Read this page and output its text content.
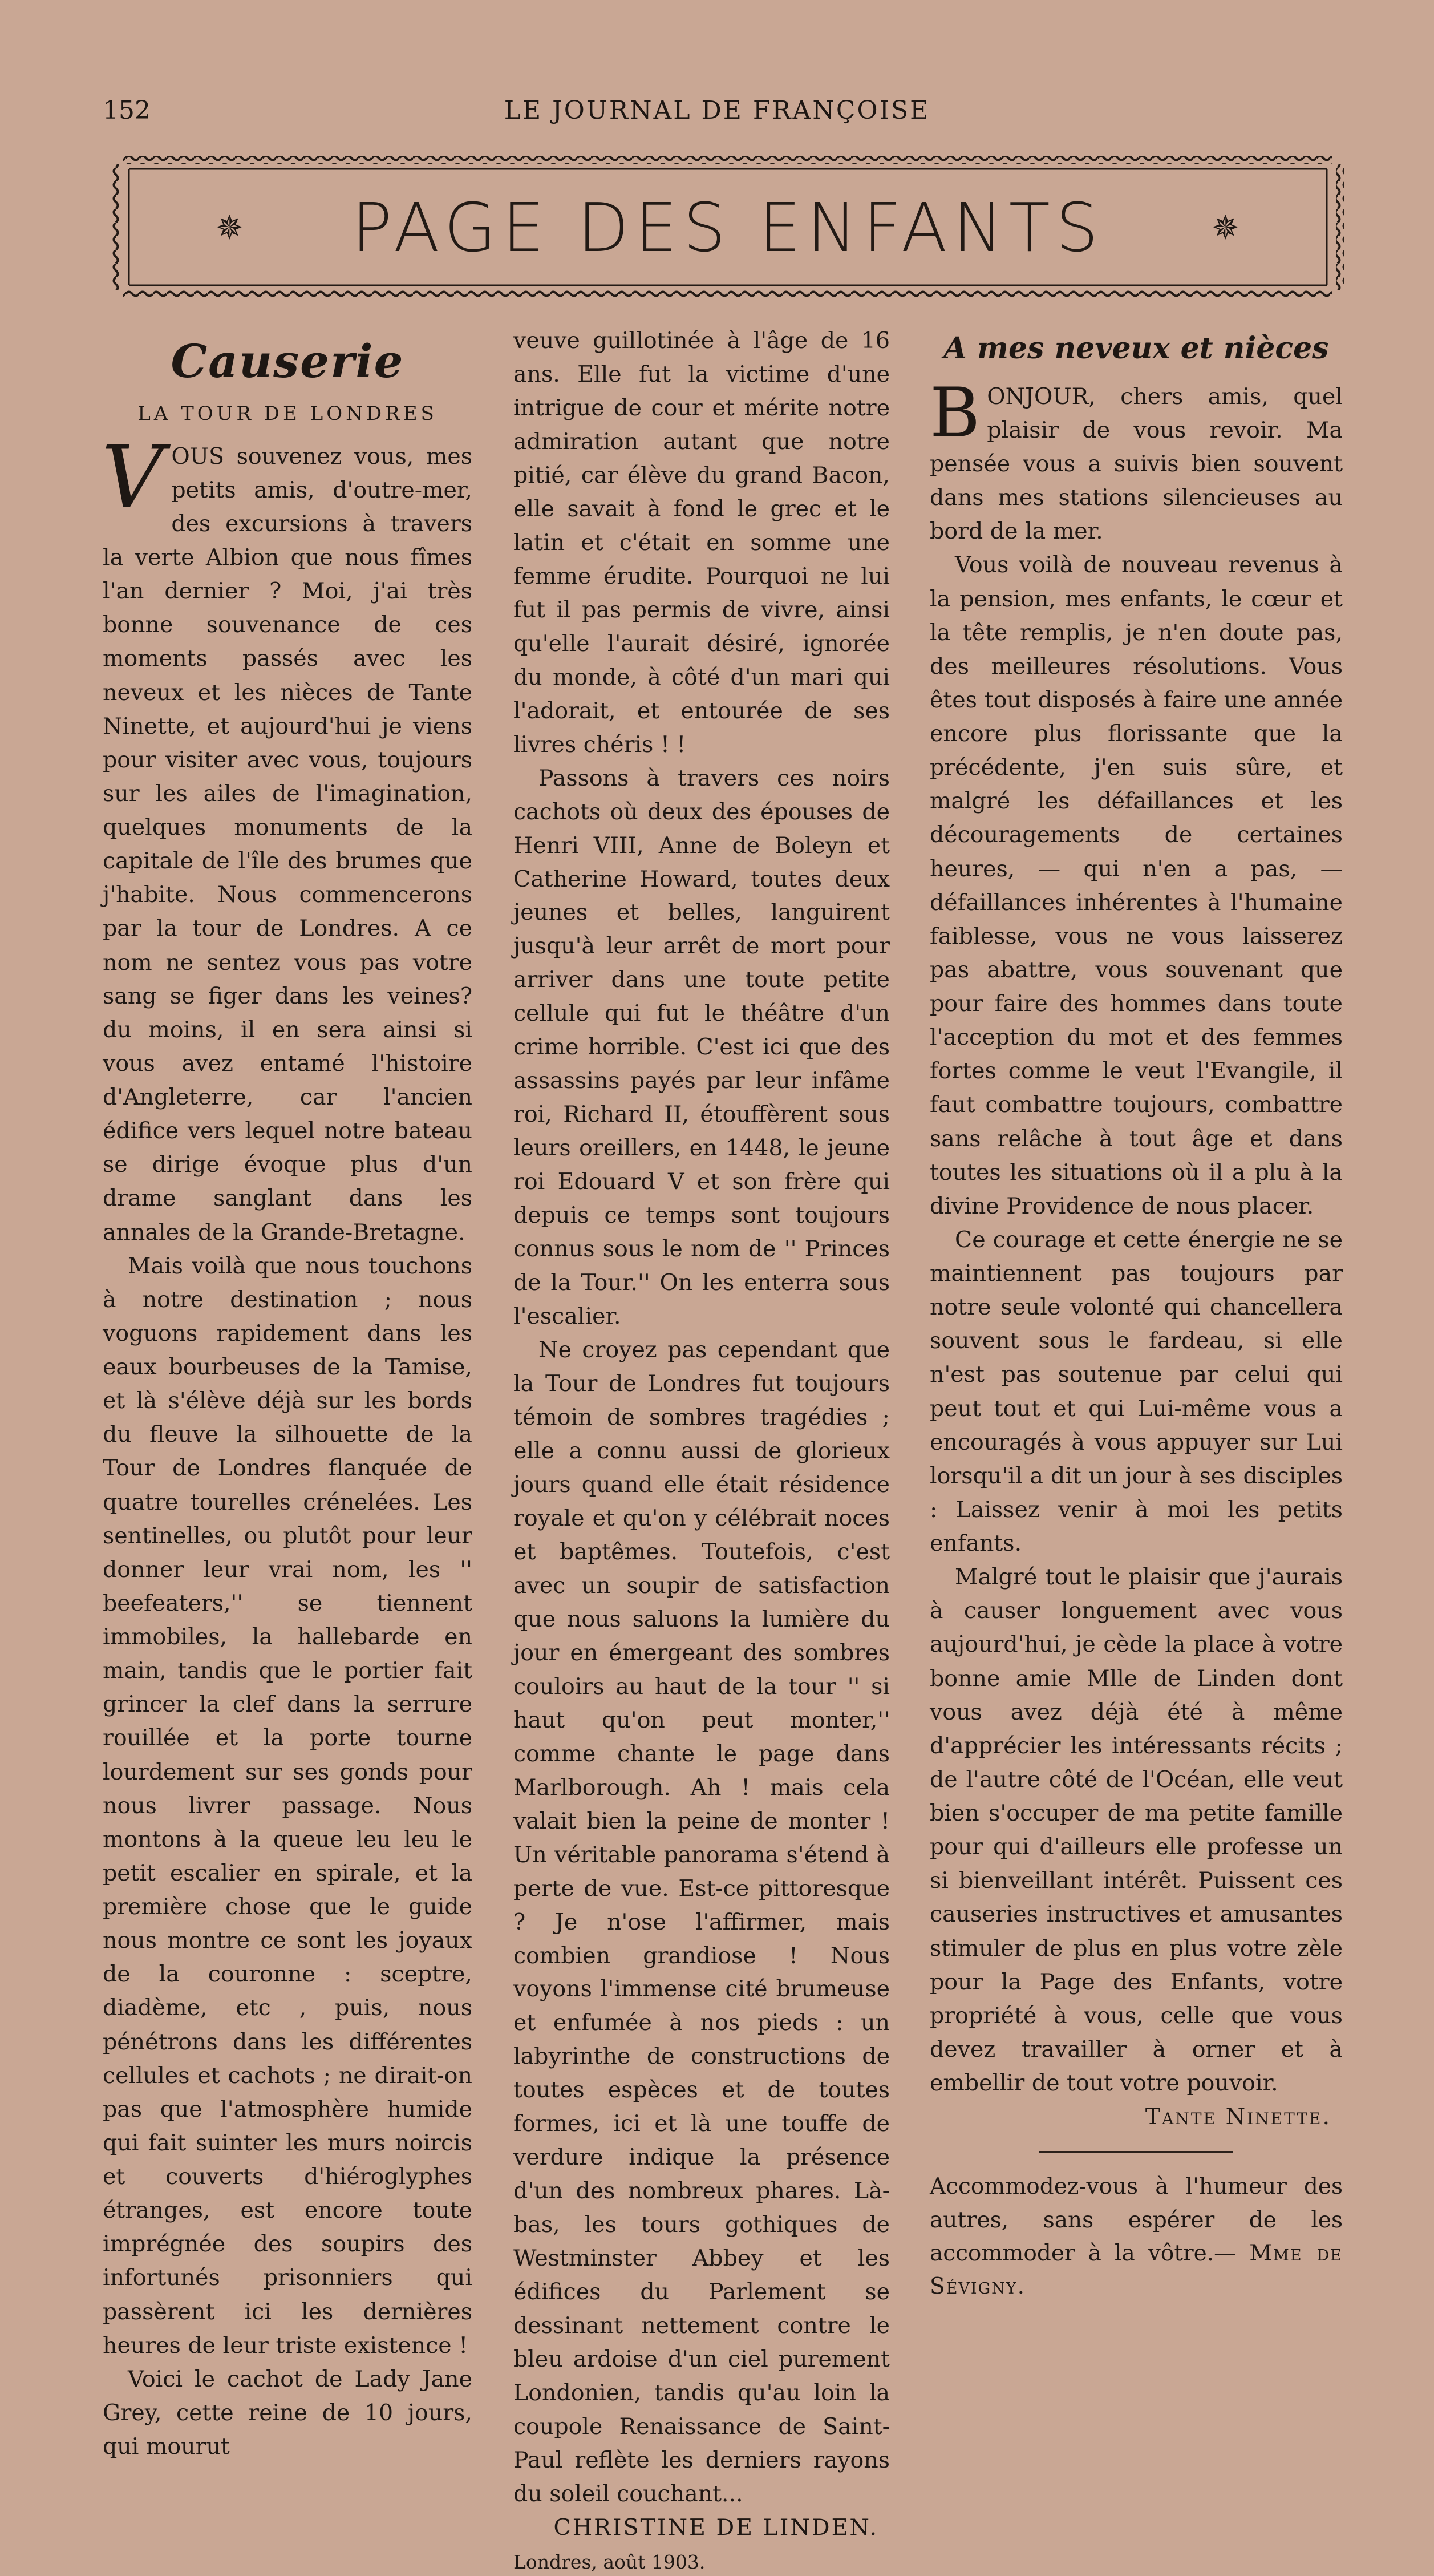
152	LE JOURNAL DE FRANÇOISE
✵	PAGE DES ENFANTS	✵
Causerie
LA TOUR DE LONDRES

VOUS souvenez vous, mes petits amis, d'outre-mer, des excursions à travers la verte Albion que nous fîmes l'an dernier ? Moi, j'ai très bonne souvenance de ces moments passés avec les neveux et les nièces de Tante Ninette, et aujourd'hui je viens pour visiter avec vous, toujours sur les ailes de l'imagination, quelques monuments de la capitale de l'île des brumes que j'habite. Nous commencerons par la tour de Londres. A ce nom ne sentez vous pas votre sang se figer dans les veines? du moins, il en sera ainsi si vous avez entamé l'histoire d'Angleterre, car l'ancien édifice vers lequel notre bateau se dirige évoque plus d'un drame sanglant dans les annales de la Grande-Bretagne.

Mais voilà que nous touchons à notre destination ; nous voguons rapidement dans les eaux bourbeuses de la Tamise, et là s'élève déjà sur les bords du fleuve la silhouette de la Tour de Londres flanquée de quatre tourelles crénelées. Les sentinelles, ou plutôt pour leur donner leur vrai nom, les '' beefeaters,'' se tiennent immobiles, la hallebarde en main, tandis que le portier fait grincer la clef dans la serrure rouillée et la porte tourne lourdement sur ses gonds pour nous livrer passage. Nous montons à la queue leu leu le petit escalier en spirale, et la première chose que le guide nous montre ce sont les joyaux de la couronne : sceptre, diadème, etc , puis, nous pénétrons dans les différentes cellules et cachots ; ne dirait-on pas que l'atmosphère humide qui fait suinter les murs noircis et couverts d'hiéroglyphes étranges, est encore toute imprégnée des soupirs des infortunés prisonniers qui passèrent ici les dernières heures de leur triste existence !

Voici le cachot de Lady Jane Grey, cette reine de 10 jours, qui mourut

veuve guillotinée à l'âge de 16 ans. Elle fut la victime d'une intrigue de cour et mérite notre admiration autant que notre pitié, car élève du grand Bacon, elle savait à fond le grec et le latin et c'était en somme une femme érudite. Pourquoi ne lui fut il pas permis de vivre, ainsi qu'elle l'aurait désiré, ignorée du monde, à côté d'un mari qui l'adorait, et entourée de ses livres chéris ! !

Passons à travers ces noirs cachots où deux des épouses de Henri VIII, Anne de Boleyn et Catherine Howard, toutes deux jeunes et belles, languirent jusqu'à leur arrêt de mort pour arriver dans une toute petite cellule qui fut le théâtre d'un crime horrible. C'est ici que des assassins payés par leur infâme roi, Richard II, étouffèrent sous leurs oreillers, en 1448, le jeune roi Edouard V et son frère qui depuis ce temps sont toujours connus sous le nom de '' Princes de la Tour.'' On les enterra sous l'escalier.

Ne croyez pas cependant que la Tour de Londres fut toujours témoin de sombres tragédies ; elle a connu aussi de glorieux jours quand elle était résidence royale et qu'on y célébrait noces et baptêmes. Toutefois, c'est avec un soupir de satisfaction que nous saluons la lumière du jour en émergeant des sombres couloirs au haut de la tour '' si haut qu'on peut monter,'' comme chante le page dans Marlborough. Ah ! mais cela valait bien la peine de monter ! Un véritable panorama s'étend à perte de vue. Est-ce pittoresque ? Je n'ose l'affirmer, mais combien grandiose ! Nous voyons l'immense cité brumeuse et enfumée à nos pieds : un labyrinthe de constructions de toutes espèces et de toutes formes, ici et là une touffe de verdure indique la présence d'un des nombreux phares. Là-bas, les tours gothiques de Westminster Abbey et les édifices du Parlement se dessinant nettement contre le bleu ardoise d'un ciel purement Londonien, tandis qu'au loin la coupole Renaissance de Saint-Paul reflète les derniers rayons du soleil couchant...

CHRISTINE DE LINDEN.

Londres, août 1903.

A mes neveux et nièces

BONJOUR, chers amis, quel plaisir de vous revoir. Ma pensée vous a suivis bien souvent dans mes stations silencieuses au bord de la mer.

Vous voilà de nouveau revenus à la pension, mes enfants, le cœur et la tête remplis, je n'en doute pas, des meilleures résolutions. Vous êtes tout disposés à faire une année encore plus florissante que la précédente, j'en suis sûre, et malgré les défaillances et les découragements de certaines heures, — qui n'en a pas, — défaillances inhérentes à l'humaine faiblesse, vous ne vous laisserez pas abattre, vous souvenant que pour faire des hommes dans toute l'acception du mot et des femmes fortes comme le veut l'Evangile, il faut combattre toujours, combattre sans relâche à tout âge et dans toutes les situations où il a plu à la divine Providence de nous placer.

Ce courage et cette énergie ne se maintiennent pas toujours par notre seule volonté qui chancellera souvent sous le fardeau, si elle n'est pas soutenue par celui qui peut tout et qui Lui-même vous a encouragés à vous appuyer sur Lui lorsqu'il a dit un jour à ses disciples : Laissez venir à moi les petits enfants.

Malgré tout le plaisir que j'aurais à causer longuement avec vous aujourd'hui, je cède la place à votre bonne amie Mlle de Linden dont vous avez déjà été à même d'apprécier les intéressants récits ; de l'autre côté de l'Océan, elle veut bien s'occuper de ma petite famille pour qui d'ailleurs elle professe un si bienveillant intérêt. Puissent ces causeries instructives et amusantes stimuler de plus en plus votre zèle pour la Page des Enfants, votre propriété à vous, celle que vous devez travailler à orner et à embellir de tout votre pouvoir.

Tante Ninette.

Accommodez-vous à l'humeur des autres, sans espérer de les accommoder à la vôtre.— Mme de Sévigny.
